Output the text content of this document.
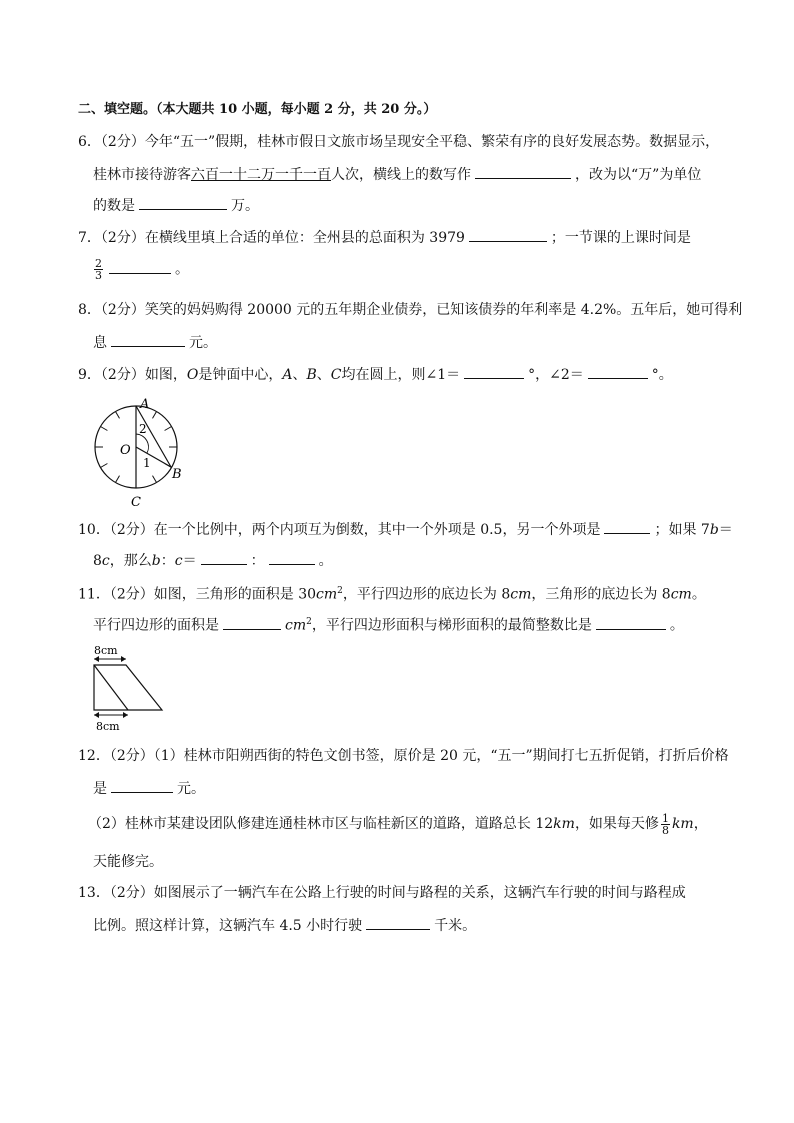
二、填空题。（本大题共 10 小题，每小题 2 分，共 20 分。）
6．（2分）今年“五一”假期，桂林市假日文旅市场呈现安全平稳、繁荣有序的良好发展态势。数据显示，
桂林市接待游客六百一十二万一千一百人次，横线上的数写作	，改为以“万”为单位
的数是	万。
7．（2分）在横线里填上合适的单位：全州县的总面积为 3979	；一节课的上课时间是
$\frac{2}{3}$	。
8．（2分）笑笑的妈妈购得 20000 元的五年期企业债券，已知该债券的年利率是 4.2%。五年后，她可得利
息	元。
9．（2分）如图，O是钟面中心，A、B、C均在圆上，则∠1＝	°，∠2＝	°。
A
B
C
O
1
2
10．（2分）在一个比例中，两个内项互为倒数，其中一个外项是 0.5，另一个外项是	；如果 7b＝
8c，那么b：c＝	：	。
11．（2分）如图，三角形的面积是 $30cm^2$，平行四边形的底边长为 8cm，三角形的底边长为 8cm。
平行四边形的面积是	$cm^2$，平行四边形面积与梯形面积的最简整数比是	。
8cm
8cm
12．（2分）（1）桂林市阳朔西街的特色文创书签，原价是 20 元，“五一”期间打七五折促销，打折后价格
是	元。
（2）桂林市某建设团队修建连通桂林市区与临桂新区的道路，道路总长 12km，如果每天修 $\frac{1}{8}$ km，
天能修完。
13．（2分）如图展示了一辆汽车在公路上行驶的时间与路程的关系，这辆汽车行驶的时间与路程成
比例。照这样计算，这辆汽车 4.5 小时行驶	千米。
